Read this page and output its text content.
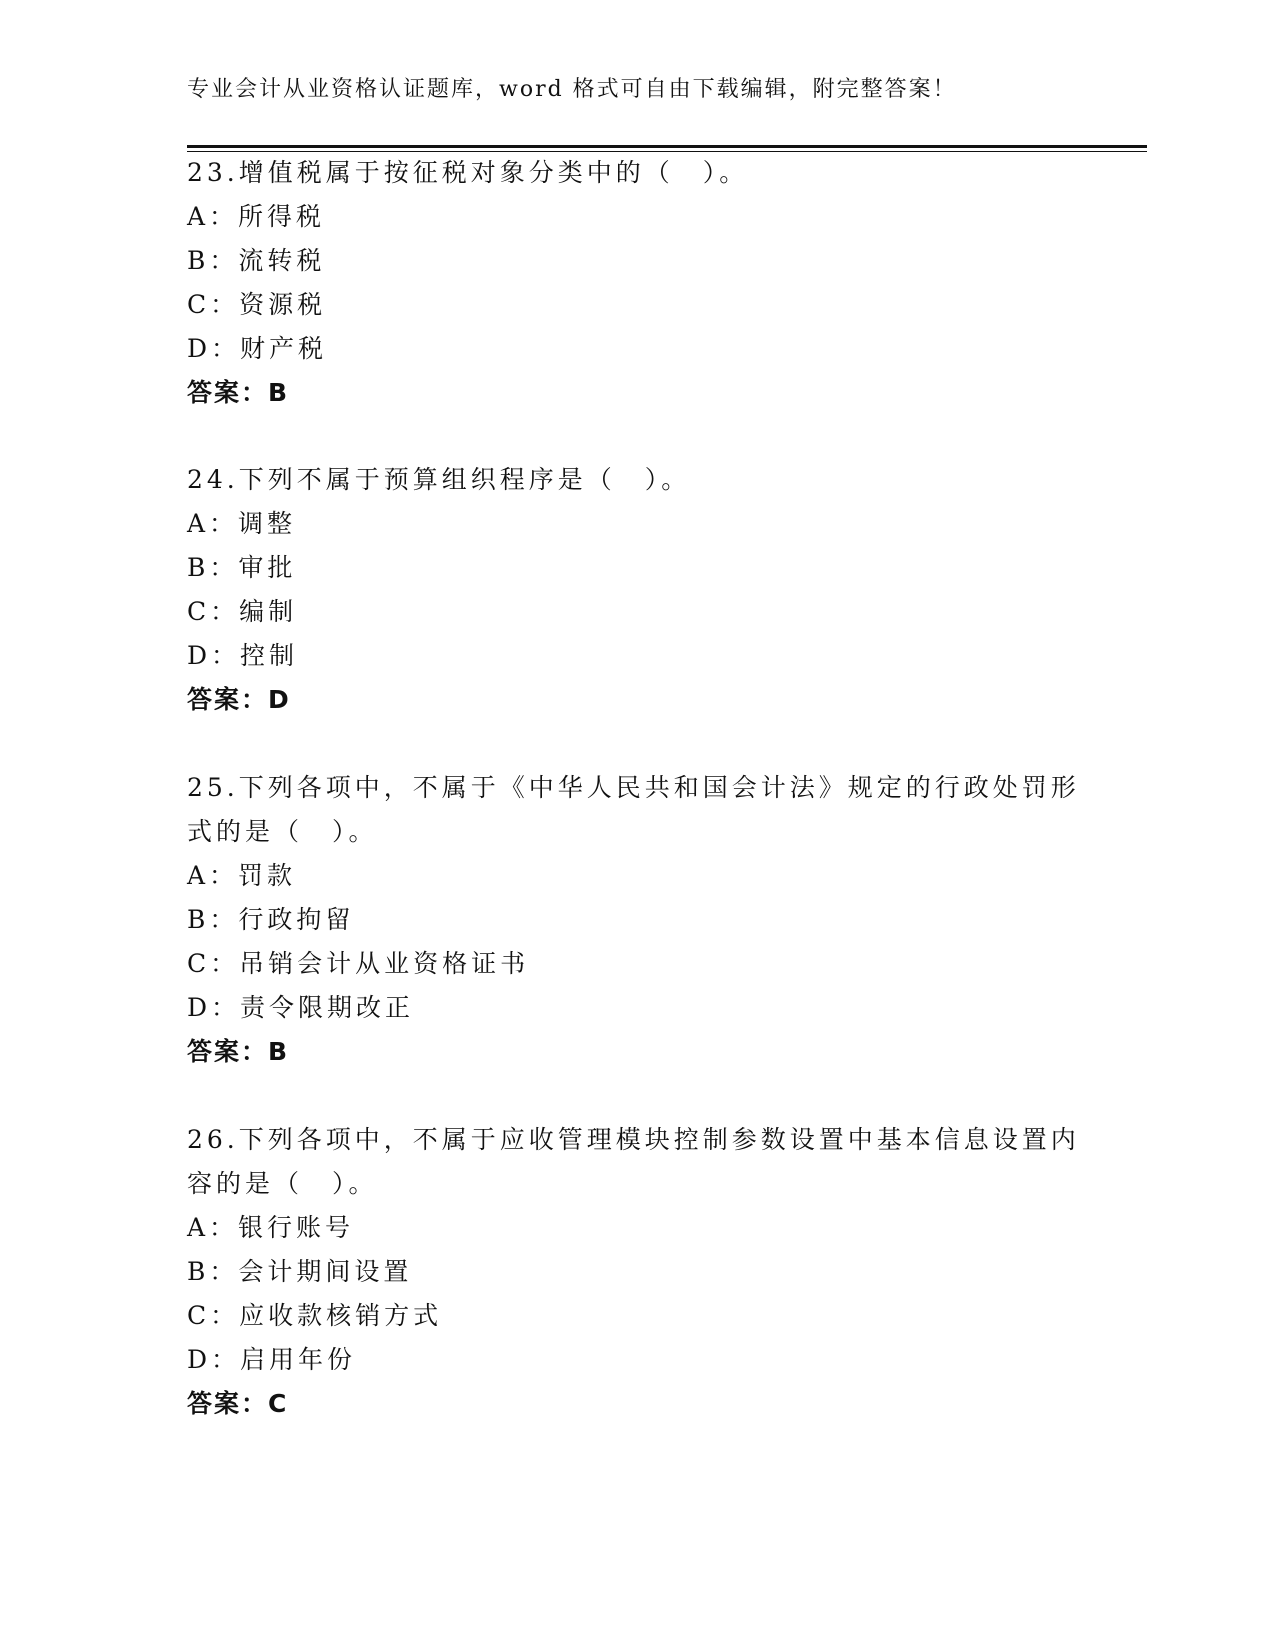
专业会计从业资格认证题库，word 格式可自由下载编辑，附完整答案！
23.增值税属于按征税对象分类中的（　）。
A：所得税
B：流转税
C：资源税
D：财产税
答案：B
24.下列不属于预算组织程序是（　）。
A：调整
B：审批
C：编制
D：控制
答案：D
25.下列各项中，不属于《中华人民共和国会计法》规定的行政处罚形
式的是（　）。
A：罚款
B：行政拘留
C：吊销会计从业资格证书
D：责令限期改正
答案：B
26.下列各项中，不属于应收管理模块控制参数设置中基本信息设置内
容的是（　）。
A：银行账号
B：会计期间设置
C：应收款核销方式
D：启用年份
答案：C
